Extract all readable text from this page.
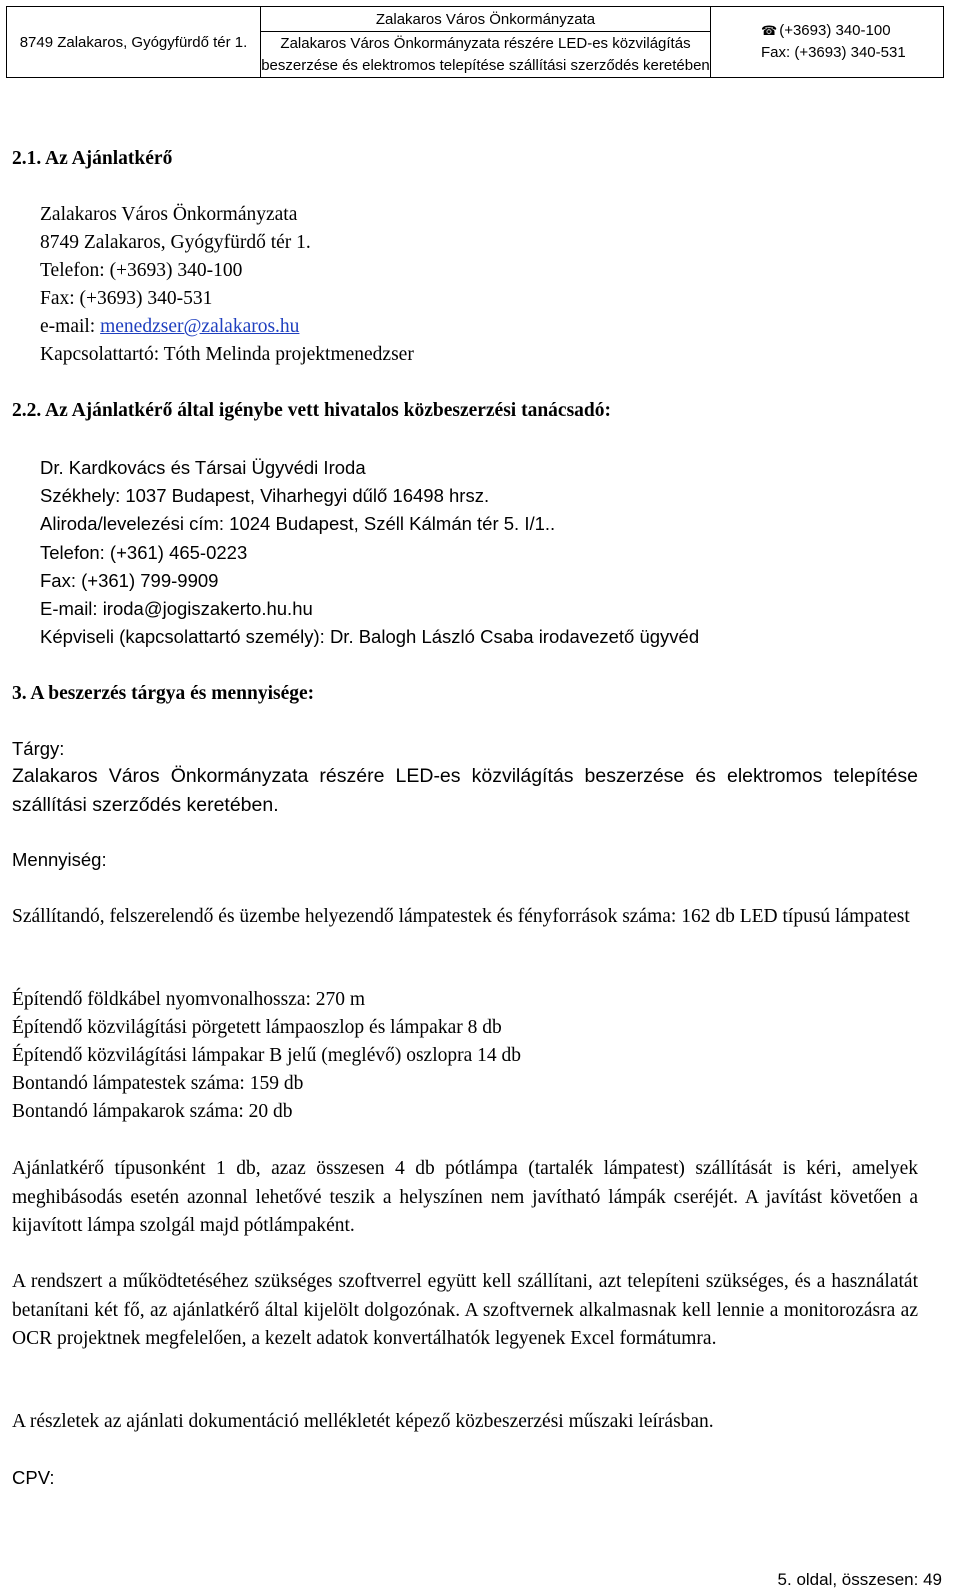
8749 Zalakaros, Gyógyfürdő tér 1.
Zalakaros Város Önkormányzata
Zalakaros Város Önkormányzata részére LED-es közvilágítás
beszerzése és elektromos telepítése szállítási szerződés keretében
☎ (+3693) 340-100
Fax: (+3693) 340-531
2.1. Az Ajánlatkérő
Zalakaros Város Önkormányzata
8749 Zalakaros, Gyógyfürdő tér 1.
Telefon: (+3693) 340-100
Fax: (+3693) 340-531
e-mail: menedzser@zalakaros.hu
Kapcsolattartó: Tóth Melinda projektmenedzser
2.2. Az Ajánlatkérő által igénybe vett hivatalos közbeszerzési tanácsadó:
Dr. Kardkovács és Társai Ügyvédi Iroda
Székhely: 1037 Budapest, Viharhegyi dűlő 16498 hrsz.
Aliroda/levelezési cím: 1024 Budapest, Széll Kálmán tér 5. I/1..
Telefon: (+361) 465-0223
Fax: (+361) 799-9909
E-mail: iroda@jogiszakerto.hu.hu
Képviseli (kapcsolattartó személy): Dr. Balogh László Csaba irodavezető ügyvéd
3. A beszerzés tárgya és mennyisége:
Tárgy:
Zalakaros Város Önkormányzata részére LED-es közvilágítás beszerzése és elektromos telepítése szállítási szerződés keretében.
Mennyiség:
Szállítandó, felszerelendő és üzembe helyezendő lámpatestek és fényforrások száma: 162 db LED típusú lámpatest
Építendő földkábel nyomvonalhossza: 270 m
Építendő közvilágítási pörgetett lámpaoszlop és lámpakar 8 db
Építendő közvilágítási lámpakar B jelű (meglévő) oszlopra 14 db
Bontandó lámpatestek száma: 159 db
Bontandó lámpakarok száma: 20 db
Ajánlatkérő típusonként 1 db, azaz összesen 4 db pótlámpa (tartalék lámpatest) szállítását is kéri, amelyek meghibásodás esetén azonnal lehetővé teszik a helyszínen nem javítható lámpák cseréjét. A javítást követően a kijavított lámpa szolgál majd pótlámpaként.
A rendszert a működtetéséhez szükséges szoftverrel együtt kell szállítani, azt telepíteni szükséges, és a használatát betanítani két fő, az ajánlatkérő által kijelölt dolgozónak. A szoftvernek alkalmasnak kell lennie a monitorozásra az OCR projektnek megfelelően, a kezelt adatok konvertálhatók legyenek Excel formátumra.
A részletek az ajánlati dokumentáció mellékletét képező közbeszerzési műszaki leírásban.
CPV:
5. oldal, összesen: 49
